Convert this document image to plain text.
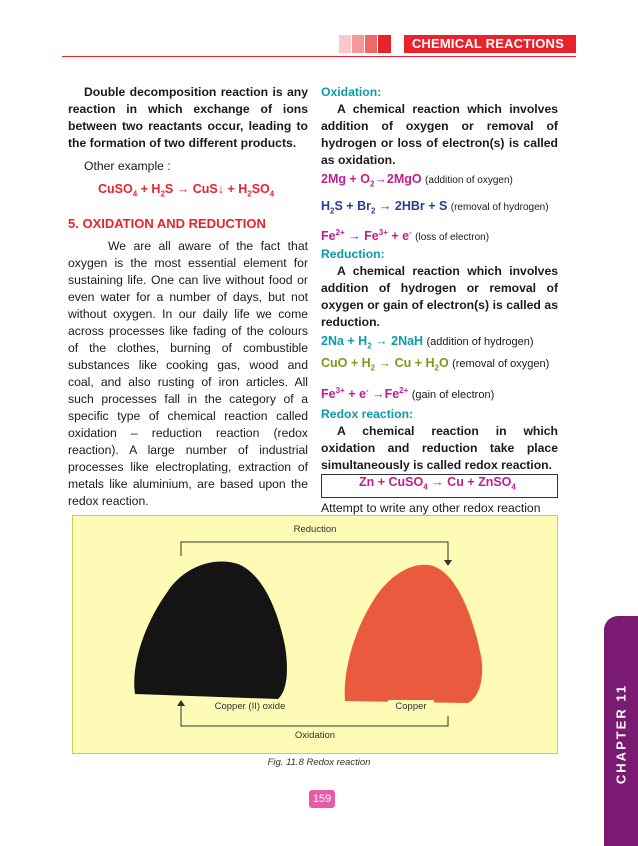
CHEMICAL REACTIONS

Double decomposition reaction is any reaction in which exchange of ions between two reactants occur, leading to the formation of two different products.

Other example :

CuSO$_4$ + $H_2S$ → CuS↓ + $H_2SO_4$

5. OXIDATION AND REDUCTION

We are all aware of the fact that oxygen is the most essential element for sustaining life. One can live without food or even water for a number of days, but not without oxygen. In our daily life we come across processes like fading of the colours of the clothes, burning of combustible substances like cooking gas, wood and coal, and also rusting of iron articles. All such processes fall in the category of a specific type of chemical reaction called oxidation – reduction reaction (redox reaction). A large number of industrial processes like electroplating, extraction of metals like aluminium, are based upon the redox reaction.

Oxidation:

A chemical reaction which involves addition of oxygen or removal of hydrogen or loss of electron(s) is called as oxidation.

$2Mg + O_2\to 2MgO$ (addition of oxygen)

$H_2S + Br_2 \to 2HBr + S$ (removal of hydrogen)

$Fe^{2+} \to Fe^{3+} + e^-$ (loss of electron)

Reduction:

A chemical reaction which involves addition of hydrogen or removal of oxygen or gain of electron(s) is called as reduction.

$2Na + H_2 \to 2NaH$ (addition of hydrogen)

CuO + $H_2 \to Cu + H_2O$ (removal of oxygen)

$Fe^{3+} + e^- \to Fe^{2+}$ (gain of electron)

Redox reaction:

A chemical reaction in which oxidation and reduction take place simultaneously is called redox reaction.

Zn + CuSO$_4$ → Cu + ZnSO$_4$

Attempt to write any other redox reaction

Reduction
Copper (II) oxide	Copper
Oxidation
Fig. 11.8 Redox reaction
159
CHAPTER 11
